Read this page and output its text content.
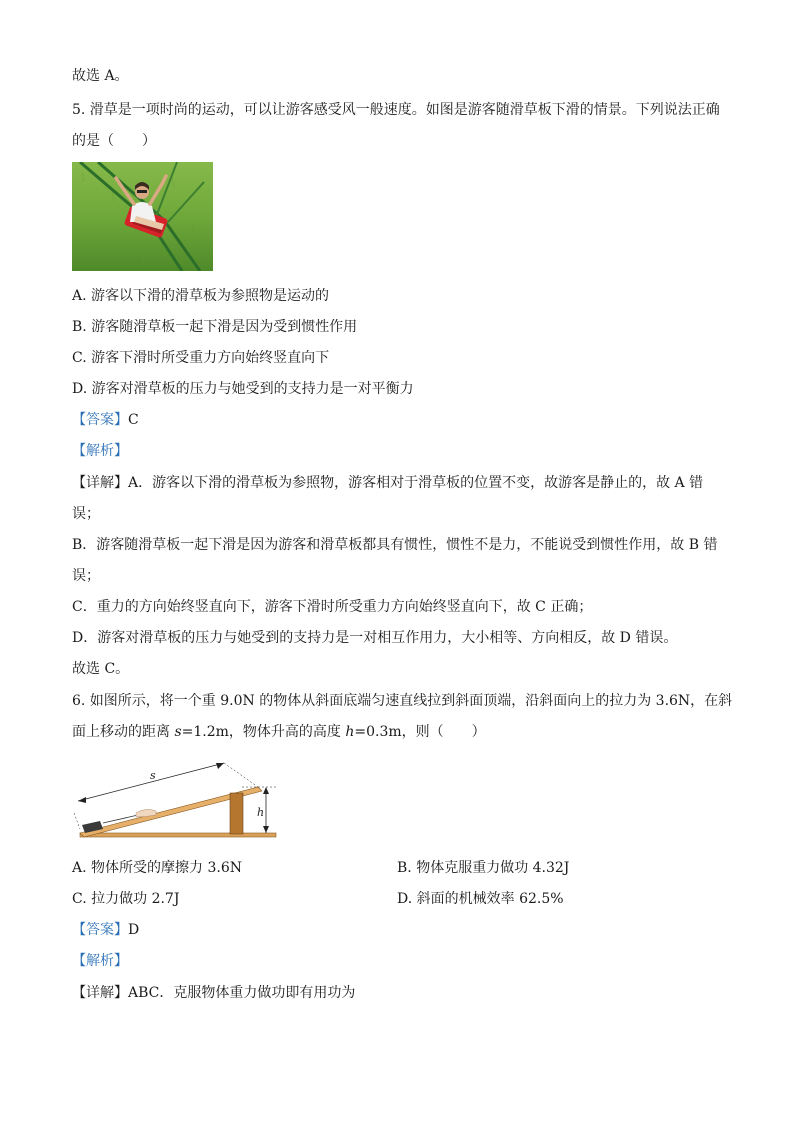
故选 A。
5. 滑草是一项时尚的运动，可以让游客感受风一般速度。如图是游客随滑草板下滑的情景。下列说法正确
的是（　　）
A. 游客以下滑的滑草板为参照物是运动的
B. 游客随滑草板一起下滑是因为受到惯性作用
C. 游客下滑时所受重力方向始终竖直向下
D. 游客对滑草板的压力与她受到的支持力是一对平衡力
【答案】C
【解析】
【详解】A．游客以下滑的滑草板为参照物，游客相对于滑草板的位置不变，故游客是静止的，故 A 错
误；
B．游客随滑草板一起下滑是因为游客和滑草板都具有惯性，惯性不是力，不能说受到惯性作用，故 B 错
误；
C．重力的方向始终竖直向下，游客下滑时所受重力方向始终竖直向下，故 C 正确；
D．游客对滑草板的压力与她受到的支持力是一对相互作用力，大小相等、方向相反，故 D 错误。
故选 C。
6. 如图所示，将一个重 9.0N 的物体从斜面底端匀速直线拉到斜面顶端，沿斜面向上的拉力为 3.6N，在斜
面上移动的距离 s=1.2m，物体升高的高度 h=0.3m，则（　　）
s
h
A. 物体所受的摩擦力 3.6N	B. 物体克服重力做功 4.32J
C. 拉力做功 2.7J	D. 斜面的机械效率 62.5%
【答案】D
【解析】
【详解】ABC．克服物体重力做功即有用功为
